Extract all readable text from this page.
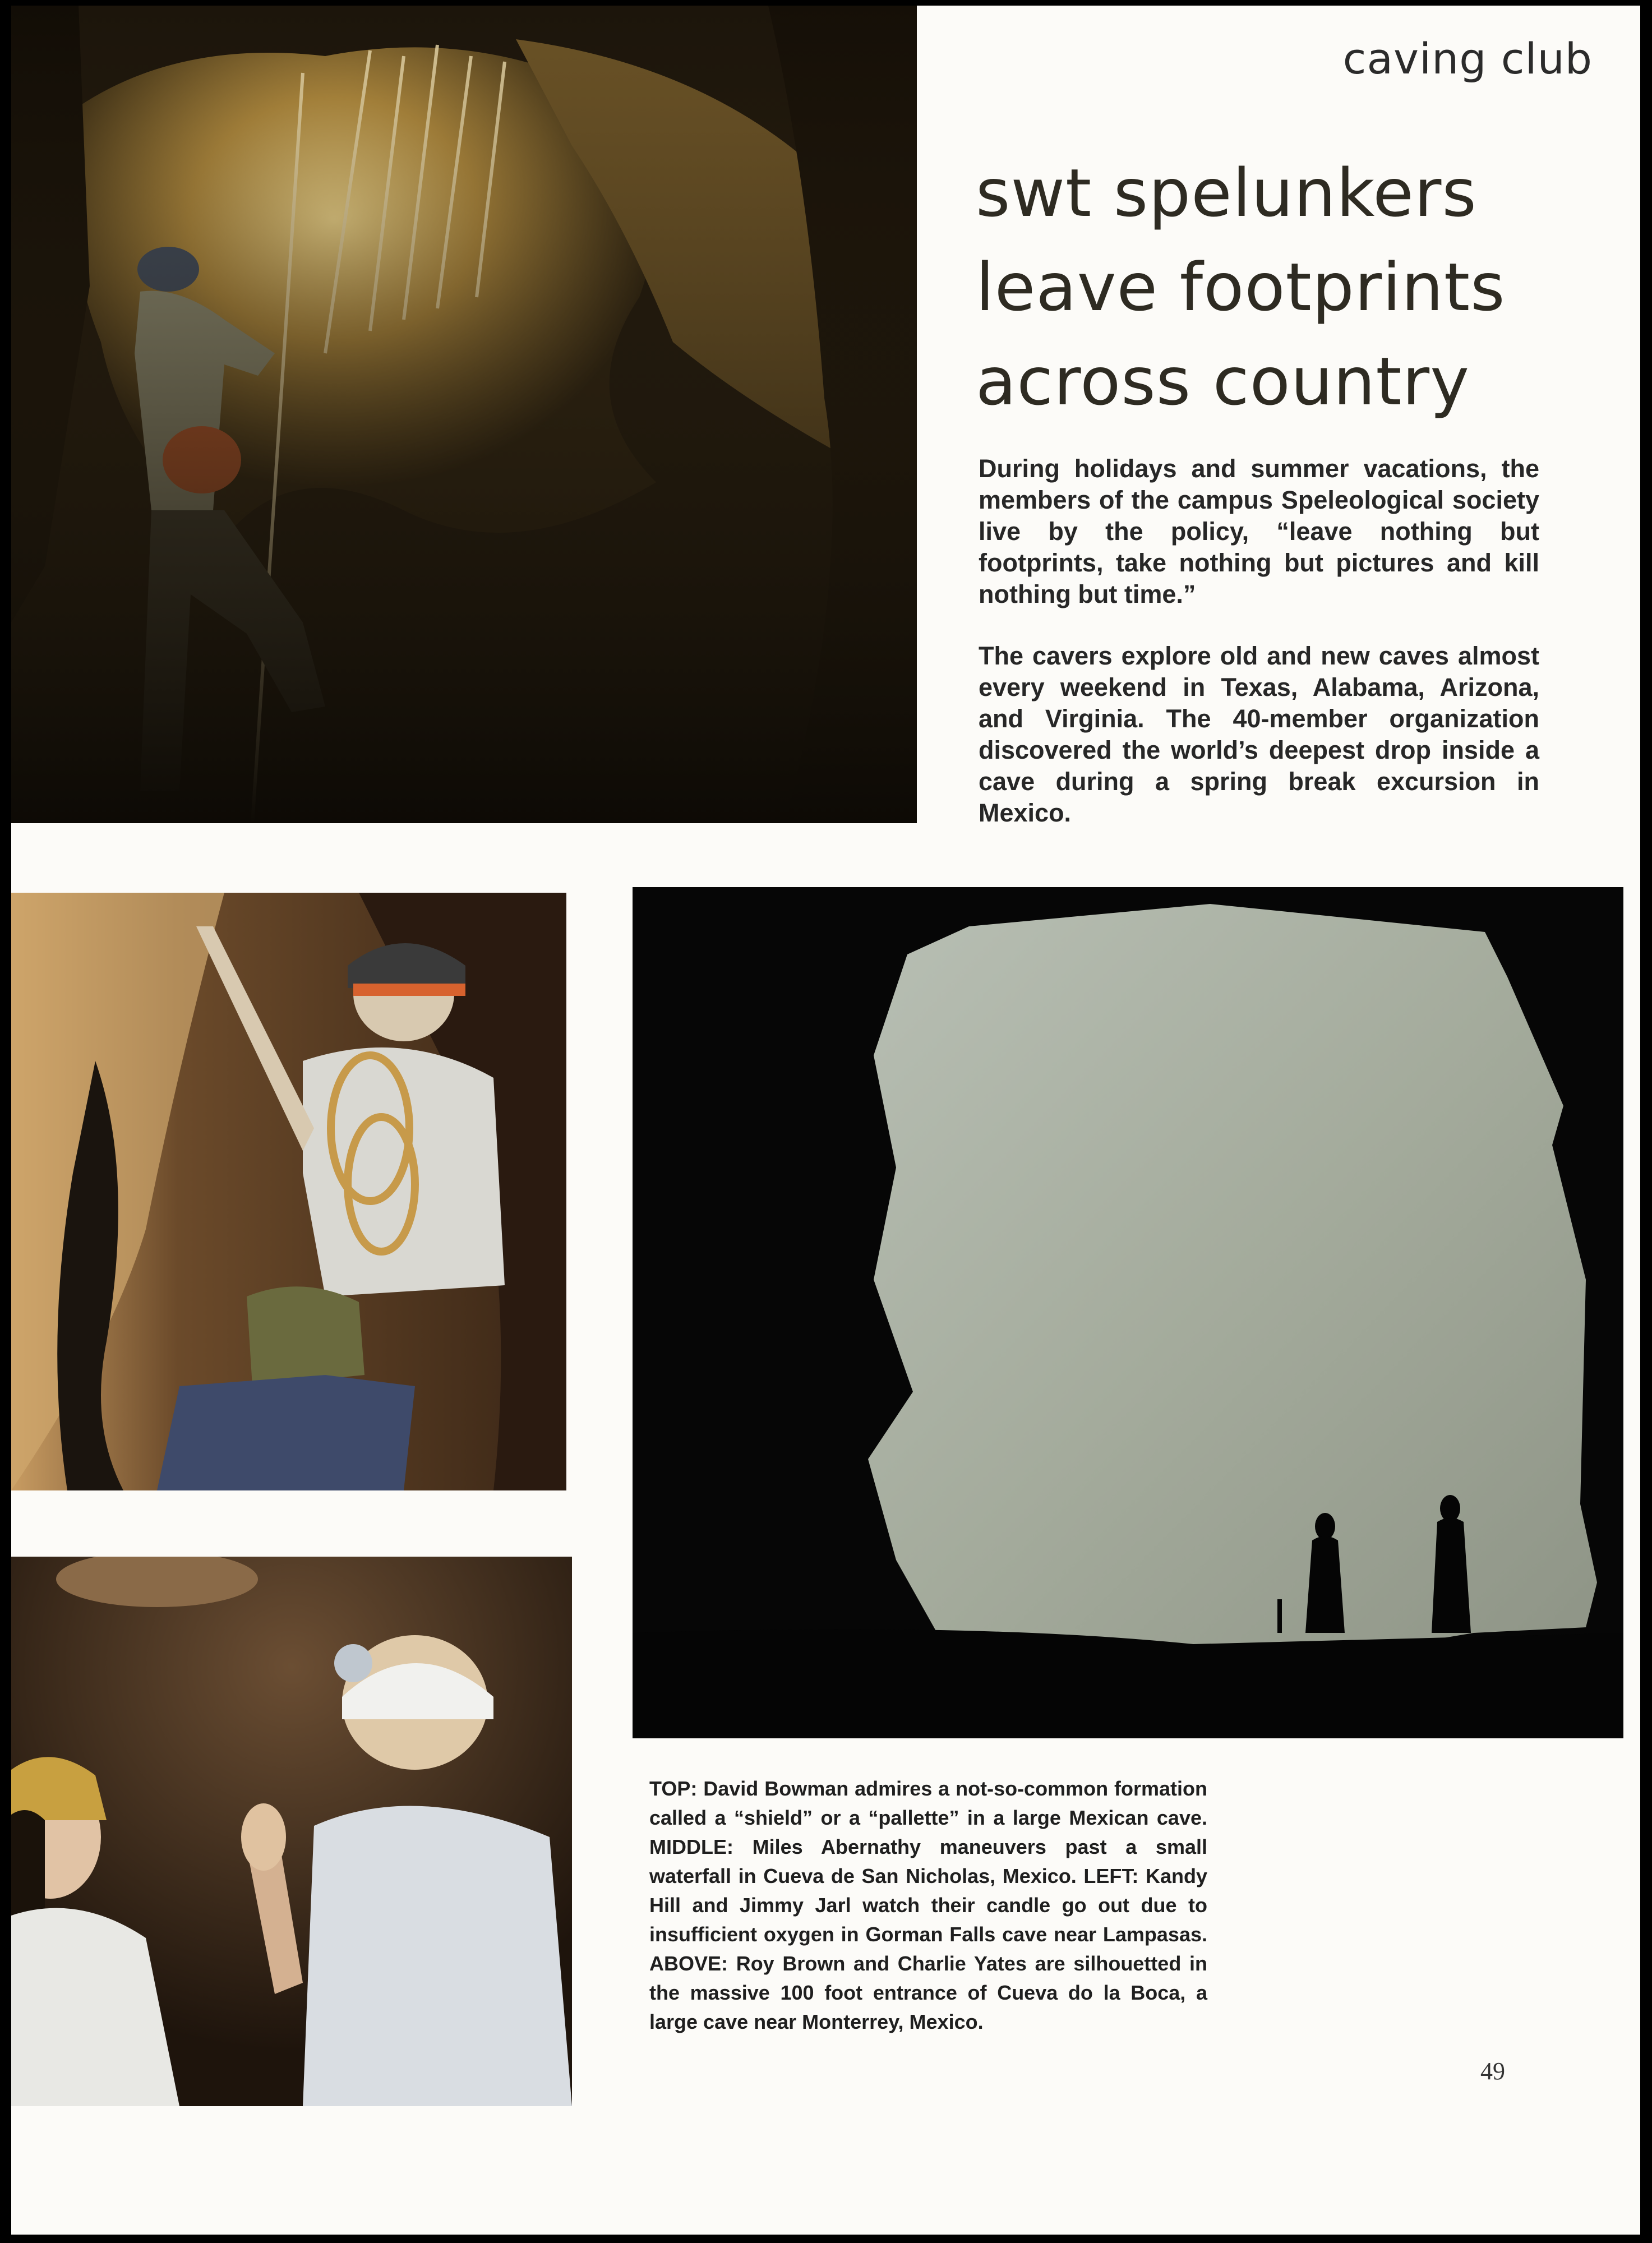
caving club
swt spelunkers
leave footprints
across country

During holidays and summer vacations, the members of the campus Speleological society live by the policy, “leave nothing but footprints, take nothing but pictures and kill nothing but time.”

The cavers explore old and new caves almost every weekend in Texas, Alabama, Arizona, and Virginia. The 40-member organization discovered the world’s deepest drop inside a cave during a spring break excursion in Mexico.

TOP: David Bowman admires a not-so-common formation called a “shield” or a “pallette” in a large Mexican cave. MIDDLE: Miles Abernathy maneuvers past a small waterfall in Cueva de San Nicholas, Mexico. LEFT: Kandy Hill and Jimmy Jarl watch their candle go out due to insufficient oxygen in Gorman Falls cave near Lampasas. ABOVE: Roy Brown and Charlie Yates are silhouetted in the massive 100 foot entrance of Cueva do la Boca, a large cave near Monterrey, Mexico.

49
